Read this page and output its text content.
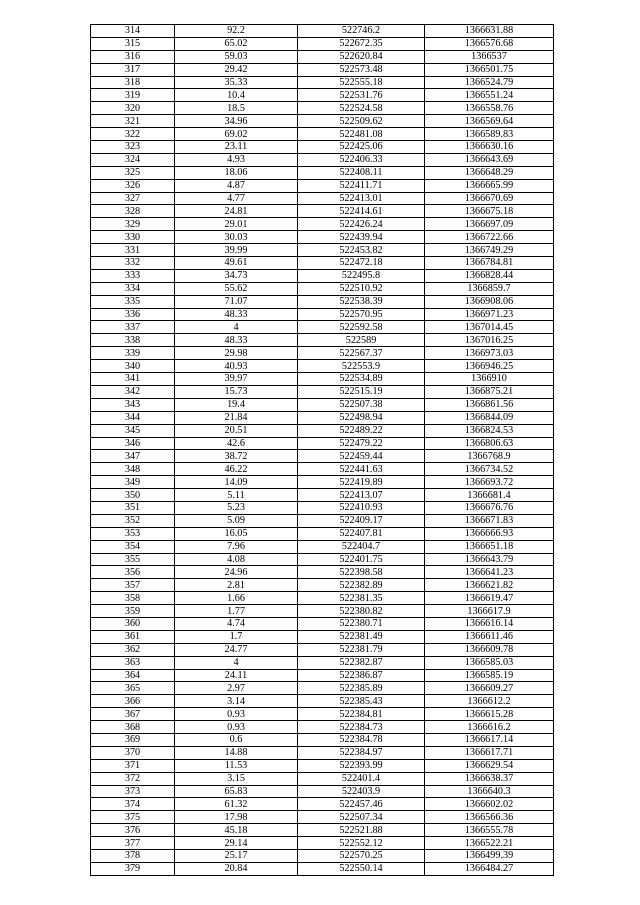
314	92.2	522746.2	1366631.88
315	65.02	522672.35	1366576.68
316	59.03	522620.84	1366537
317	29.42	522573.48	1366501.75
318	35.33	522555.18	1366524.79
319	10.4	522531.76	1366551.24
320	18.5	522524.58	1366558.76
321	34.96	522509.62	1366569.64
322	69.02	522481.08	1366589.83
323	23.11	522425.06	1366630.16
324	4.93	522406.33	1366643.69
325	18.06	522408.11	1366648.29
326	4.87	522411.71	1366665.99
327	4.77	522413.01	1366670.69
328	24.81	522414.61	1366675.18
329	29.01	522426.24	1366697.09
330	30.03	522439.94	1366722.66
331	39.99	522453.82	1366749.29
332	49.61	522472.18	1366784.81
333	34.73	522495.8	1366828.44
334	55.62	522510.92	1366859.7
335	71.07	522538.39	1366908.06
336	48.33	522570.95	1366971.23
337	4	522592.58	1367014.45
338	48.33	522589	1367016.25
339	29.98	522567.37	1366973.03
340	40.93	522553.9	1366946.25
341	39.97	522534.89	1366910
342	15.73	522515.19	1366875.21
343	19.4	522507.38	1366861.56
344	21.84	522498.94	1366844.09
345	20.51	522489.22	1366824.53
346	42.6	522479.22	1366806.63
347	38.72	522459.44	1366768.9
348	46.22	522441.63	1366734.52
349	14.09	522419.89	1366693.72
350	5.11	522413.07	1366681.4
351	5.23	522410.93	1366676.76
352	5.09	522409.17	1366671.83
353	16.05	522407.81	1366666.93
354	7.96	522404.7	1366651.18
355	4.08	522401.75	1366643.79
356	24.96	522398.58	1366641.23
357	2.81	522382.89	1366621.82
358	1.66	522381.35	1366619.47
359	1.77	522380.82	1366617.9
360	4.74	522380.71	1366616.14
361	1.7	522381.49	1366611.46
362	24.77	522381.79	1366609.78
363	4	522382.87	1366585.03
364	24.11	522386.87	1366585.19
365	2.97	522385.89	1366609.27
366	3.14	522385.43	1366612.2
367	0.93	522384.81	1366615.28
368	0.93	522384.73	1366616.2
369	0.6	522384.78	1366617.14
370	14.88	522384.97	1366617.71
371	11.53	522393.99	1366629.54
372	3.15	522401.4	1366638.37
373	65.83	522403.9	1366640.3
374	61.32	522457.46	1366602.02
375	17.98	522507.34	1366566.36
376	45.18	522521.88	1366555.78
377	29.14	522552.12	1366522.21
378	25.17	522570.25	1366499.39
379	20.84	522550.14	1366484.27
